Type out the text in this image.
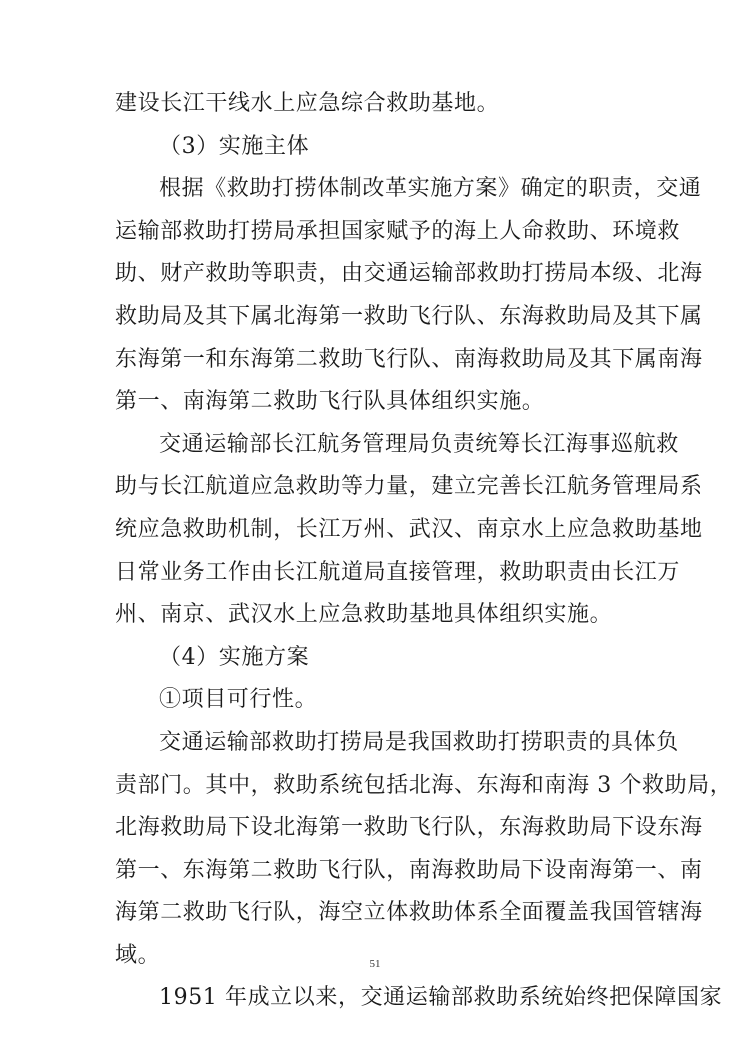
建设长江干线水上应急综合救助基地。
（3）实施主体
根据《救助打捞体制改革实施方案》确定的职责，交通
运输部救助打捞局承担国家赋予的海上人命救助、环境救
助、财产救助等职责，由交通运输部救助打捞局本级、北海
救助局及其下属北海第一救助飞行队、东海救助局及其下属
东海第一和东海第二救助飞行队、南海救助局及其下属南海
第一、南海第二救助飞行队具体组织实施。
交通运输部长江航务管理局负责统筹长江海事巡航救
助与长江航道应急救助等力量，建立完善长江航务管理局系
统应急救助机制，长江万州、武汉、南京水上应急救助基地
日常业务工作由长江航道局直接管理，救助职责由长江万
州、南京、武汉水上应急救助基地具体组织实施。
（4）实施方案
①项目可行性。
交通运输部救助打捞局是我国救助打捞职责的具体负
责部门。其中，救助系统包括北海、东海和南海 3 个救助局，
北海救助局下设北海第一救助飞行队，东海救助局下设东海
第一、东海第二救助飞行队，南海救助局下设南海第一、南
海第二救助飞行队，海空立体救助体系全面覆盖我国管辖海
域。
1951 年成立以来，交通运输部救助系统始终把保障国家
51
